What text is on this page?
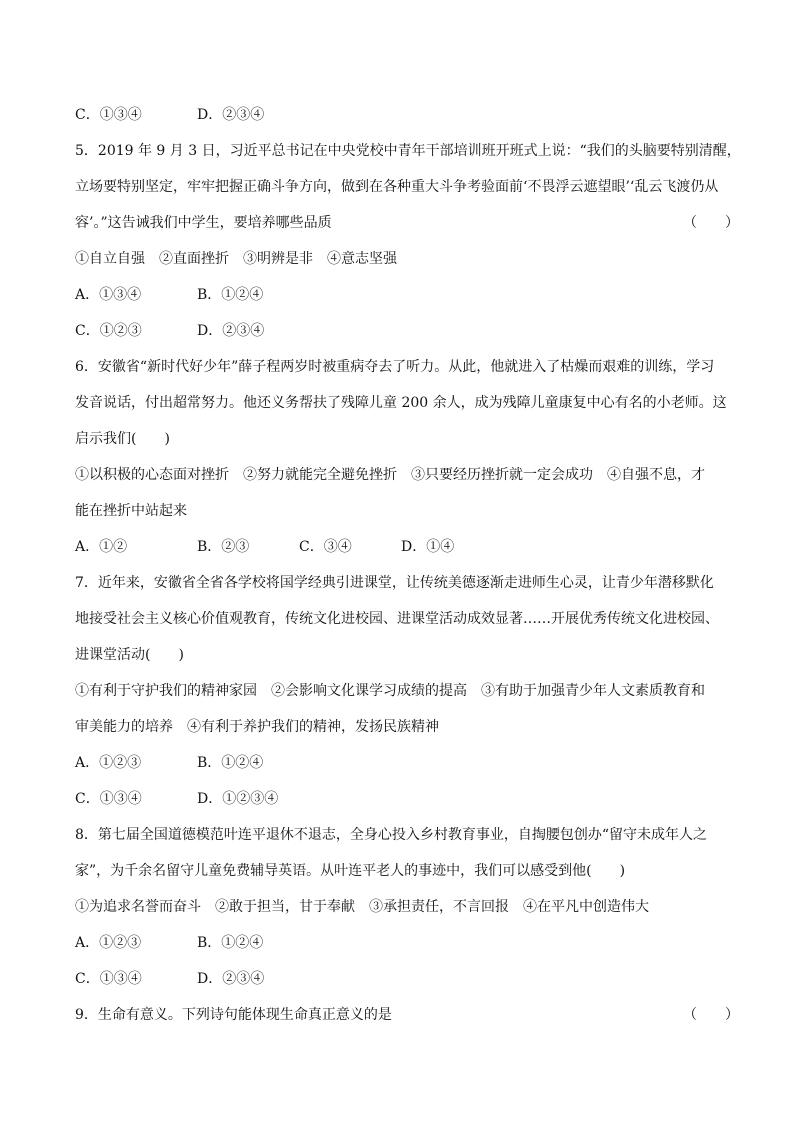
C．①③④	D．②③④
5．2019 年 9 月 3 日，习近平总书记在中央党校中青年干部培训班开班式上说：“我们的头脑要特别清醒，
立场要特别坚定，牢牢把握正确斗争方向，做到在各种重大斗争考验面前‘不畏浮云遮望眼’‘乱云飞渡仍从
容’。”这告诫我们中学生，要培养哪些品质	（　　）
①自立自强　②直面挫折　③明辨是非　④意志坚强
A．①③④	B．①②④
C．①②③	D．②③④
6．安徽省“新时代好少年”薛子程两岁时被重病夺去了听力。从此，他就进入了枯燥而艰难的训练，学习
发音说话，付出超常努力。他还义务帮扶了残障儿童 200 余人，成为残障儿童康复中心有名的小老师。这
启示我们(　　)
①以积极的心态面对挫折　②努力就能完全避免挫折　③只要经历挫折就一定会成功　④自强不息，才
能在挫折中站起来
A．①②	B．②③	C．③④	D．①④
7．近年来，安徽省全省各学校将国学经典引进课堂，让传统美德逐渐走进师生心灵，让青少年潜移默化
地接受社会主义核心价值观教育，传统文化进校园、进课堂活动成效显著……开展优秀传统文化进校园、
进课堂活动(　　)
①有利于守护我们的精神家园　②会影响文化课学习成绩的提高　③有助于加强青少年人文素质教育和
审美能力的培养　④有利于养护我们的精神，发扬民族精神
A．①②③	B．①②④
C．①③④	D．①②③④
8．第七届全国道德模范叶连平退休不退志，全身心投入乡村教育事业，自掏腰包创办“留守未成年人之
家”，为千余名留守儿童免费辅导英语。从叶连平老人的事迹中，我们可以感受到他(　　)
①为追求名誉而奋斗　②敢于担当，甘于奉献　③承担责任，不言回报　④在平凡中创造伟大
A．①②③	B．①②④
C．①③④	D．②③④
9．生命有意义。下列诗句能体现生命真正意义的是	（　　）
